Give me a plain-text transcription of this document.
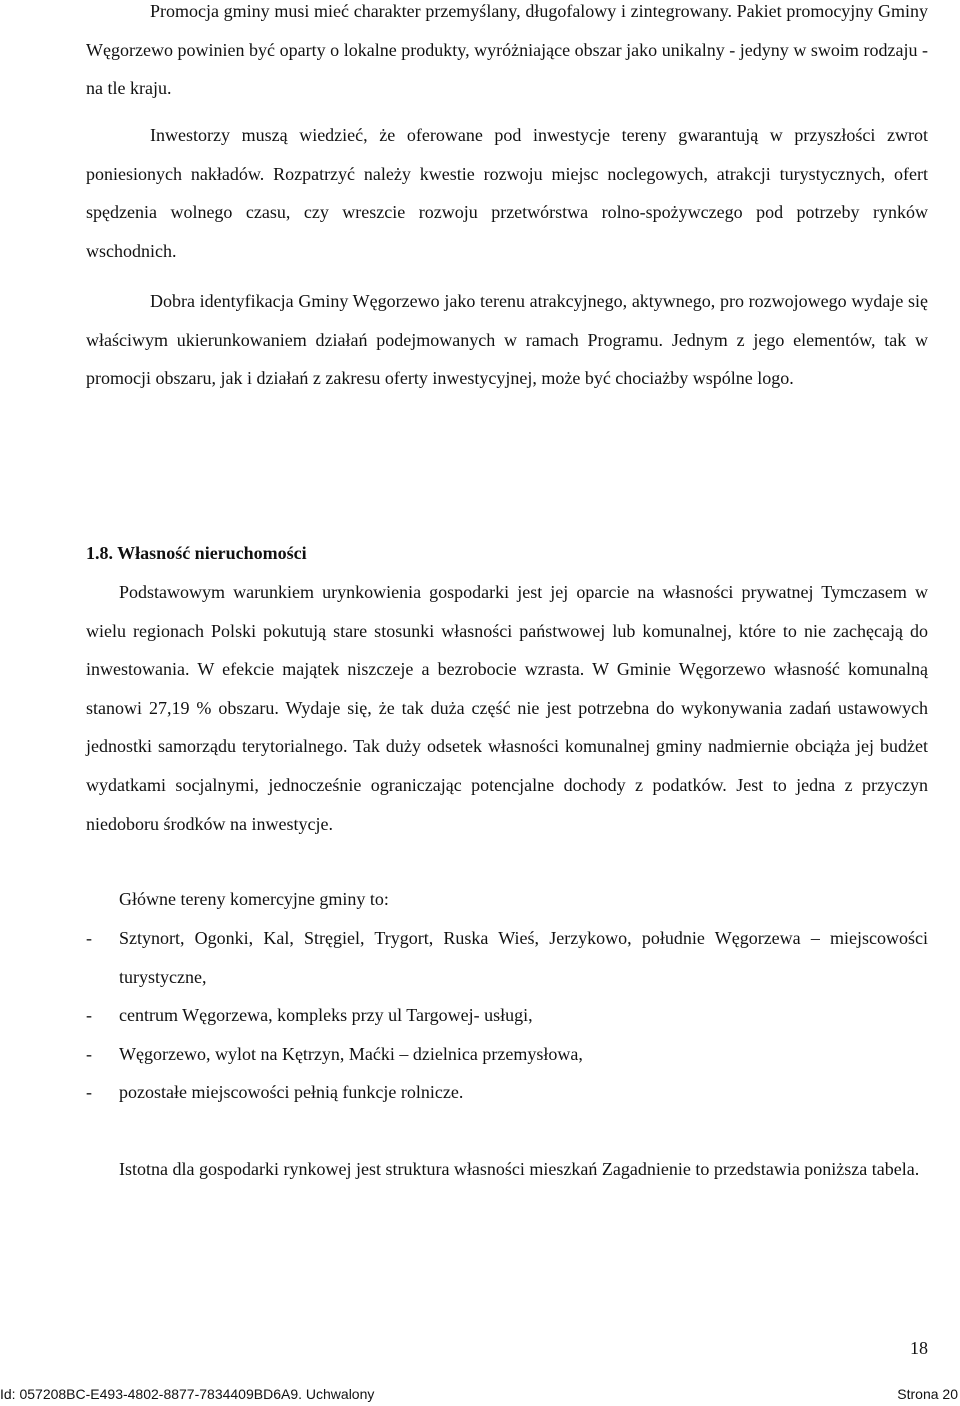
Promocja gminy musi mieć charakter przemyślany, długofalowy i zintegrowany. Pakiet promocyjny Gminy Węgorzewo powinien być oparty o lokalne produkty, wyróżniające obszar jako unikalny - jedyny w swoim rodzaju - na tle kraju.

Inwestorzy muszą wiedzieć, że oferowane pod inwestycje tereny gwarantują w przyszłości zwrot poniesionych nakładów. Rozpatrzyć należy kwestie rozwoju miejsc noclegowych, atrakcji turystycznych, ofert spędzenia wolnego czasu, czy wreszcie rozwoju przetwórstwa rolno-spożywczego pod potrzeby rynków wschodnich.

Dobra identyfikacja Gminy Węgorzewo jako terenu atrakcyjnego, aktywnego, pro rozwojowego wydaje się właściwym ukierunkowaniem działań podejmowanych w ramach Programu. Jednym z jego elementów, tak w promocji obszaru, jak i działań z zakresu oferty inwestycyjnej, może być chociażby wspólne logo.

1.8. Własność nieruchomości

Podstawowym warunkiem urynkowienia gospodarki jest jej oparcie na własności prywatnej Tymczasem w wielu regionach Polski pokutują stare stosunki własności państwowej lub komunalnej, które to nie zachęcają do inwestowania. W efekcie majątek niszczeje a bezrobocie wzrasta. W Gminie Węgorzewo własność komunalną stanowi 27,19 % obszaru. Wydaje się, że tak duża część nie jest potrzebna do wykonywania zadań ustawowych jednostki samorządu terytorialnego. Tak duży odsetek własności komunalnej gminy nadmiernie obciąża jej budżet wydatkami socjalnymi, jednocześnie ograniczając potencjalne dochody z podatków. Jest to jedna z przyczyn niedoboru środków na inwestycje.

Główne tereny komercyjne gminy to:

- Sztynort, Ogonki, Kal, Stręgiel, Trygort, Ruska Wieś, Jerzykowo, południe Węgorzewa – miejscowości turystyczne,
- centrum Węgorzewa, kompleks przy ul Targowej- usługi,
- Węgorzewo, wylot na Kętrzyn, Maćki – dzielnica przemysłowa,
- pozostałe miejscowości pełnią funkcje rolnicze.

Istotna dla gospodarki rynkowej jest struktura własności mieszkań Zagadnienie to przedstawia poniższa tabela.

18

Id: 057208BC-E493-4802-8877-7834409BD6A9. Uchwalony	Strona 20
